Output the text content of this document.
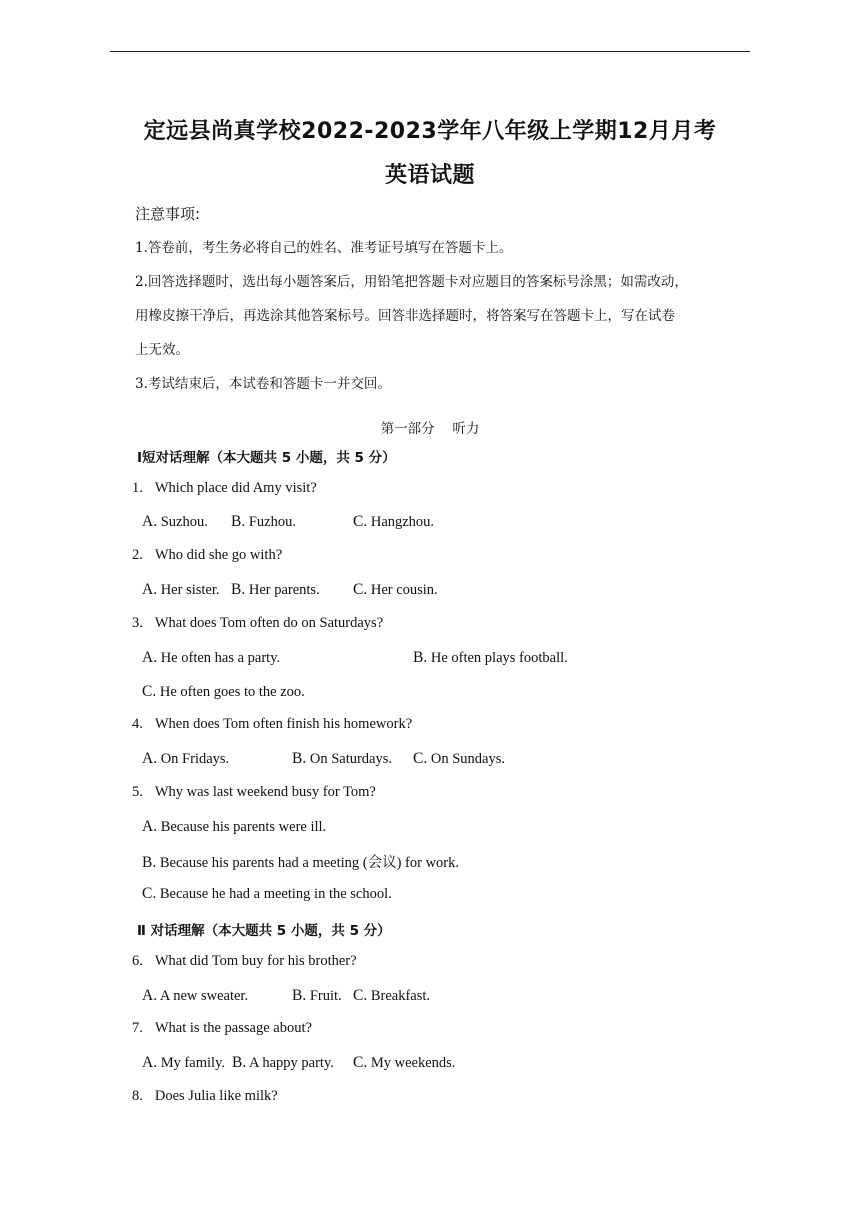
定远县尚真学校2022-2023学年八年级上学期12月月考
英语试题
注意事项:
1.答卷前，考生务必将自己的姓名、准考证号填写在答题卡上。
2.回答选择题时，选出每小题答案后，用铅笔把答题卡对应题目的答案标号涂黑；如需改动，
用橡皮擦干净后，再选涂其他答案标号。回答非选择题时，将答案写在答题卡上，写在试卷
上无效。
3.考试结束后，本试卷和答题卡一并交回。
第一部分　 听力
Ⅰ短对话理解（本大题共 5 小题，共 5 分）
1. Which place did Amy visit?
A. Suzhou. B. Fuzhou.	C. Hangzhou.
2. Who did she go with?
A. Her sister. B. Her parents. C. Her cousin.
3. What does Tom often do on Saturdays?
A. He often has a party.	B. He often plays football.
C. He often goes to the zoo.
4. When does Tom often finish his homework?
A. On Fridays.	B. On Saturdays. C. On Sundays.
5. Why was last weekend busy for Tom?
A. Because his parents were ill.
B. Because his parents had a meeting (会议) for work.
C. Because he had a meeting in the school.
Ⅱ 对话理解（本大题共 5 小题，共 5 分）
6. What did Tom buy for his brother?
A. A new sweater.	B. Fruit. C. Breakfast.
7. What is the passage about?
A. My family. B. A happy party. C. My weekends.
8. Does Julia like milk?
